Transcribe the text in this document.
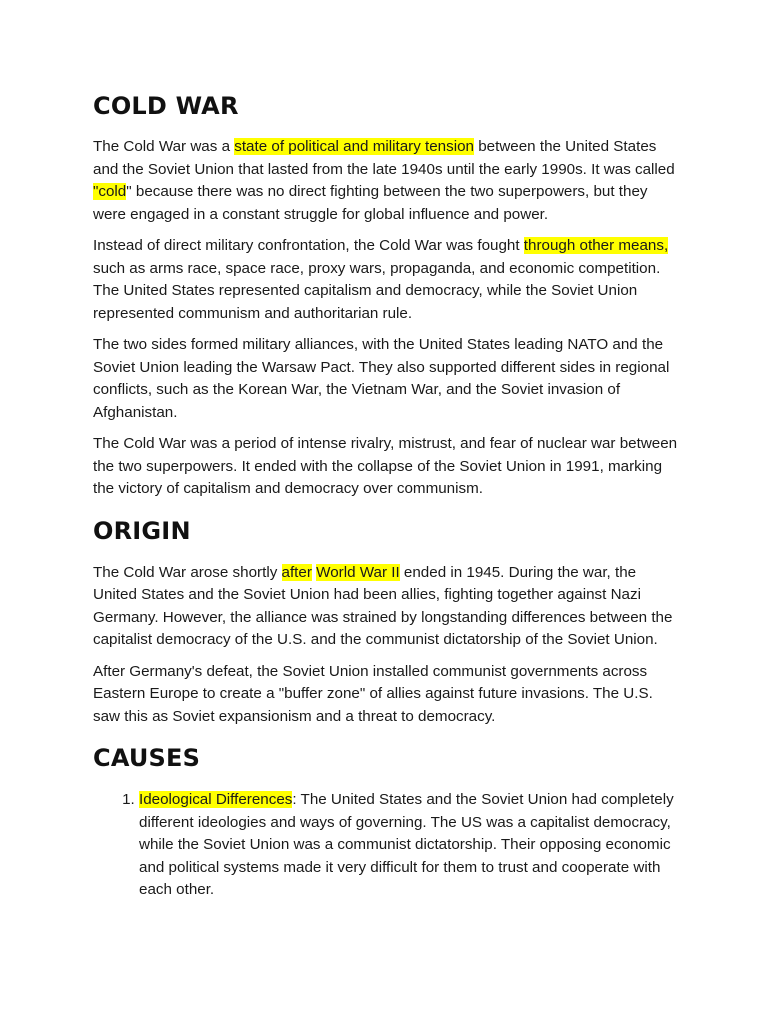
COLD WAR

The Cold War was a state of political and military tension between the United States and the Soviet Union that lasted from the late 1940s until the early 1990s. It was called "cold" because there was no direct fighting between the two superpowers, but they were engaged in a constant struggle for global influence and power.

Instead of direct military confrontation, the Cold War was fought through other means, such as arms race, space race, proxy wars, propaganda, and economic competition. The United States represented capitalism and democracy, while the Soviet Union represented communism and authoritarian rule.

The two sides formed military alliances, with the United States leading NATO and the Soviet Union leading the Warsaw Pact. They also supported different sides in regional conflicts, such as the Korean War, the Vietnam War, and the Soviet invasion of Afghanistan.

The Cold War was a period of intense rivalry, mistrust, and fear of nuclear war between the two superpowers. It ended with the collapse of the Soviet Union in 1991, marking the victory of capitalism and democracy over communism.

ORIGIN

The Cold War arose shortly after World War II ended in 1945. During the war, the United States and the Soviet Union had been allies, fighting together against Nazi Germany. However, the alliance was strained by longstanding differences between the capitalist democracy of the U.S. and the communist dictatorship of the Soviet Union.

After Germany's defeat, the Soviet Union installed communist governments across Eastern Europe to create a "buffer zone" of allies against future invasions. The U.S. saw this as Soviet expansionism and a threat to democracy.

CAUSES
1. Ideological Differences: The United States and the Soviet Union had completely different ideologies and ways of governing. The US was a capitalist democracy, while the Soviet Union was a communist dictatorship. Their opposing economic and political systems made it very difficult for them to trust and cooperate with each other.
